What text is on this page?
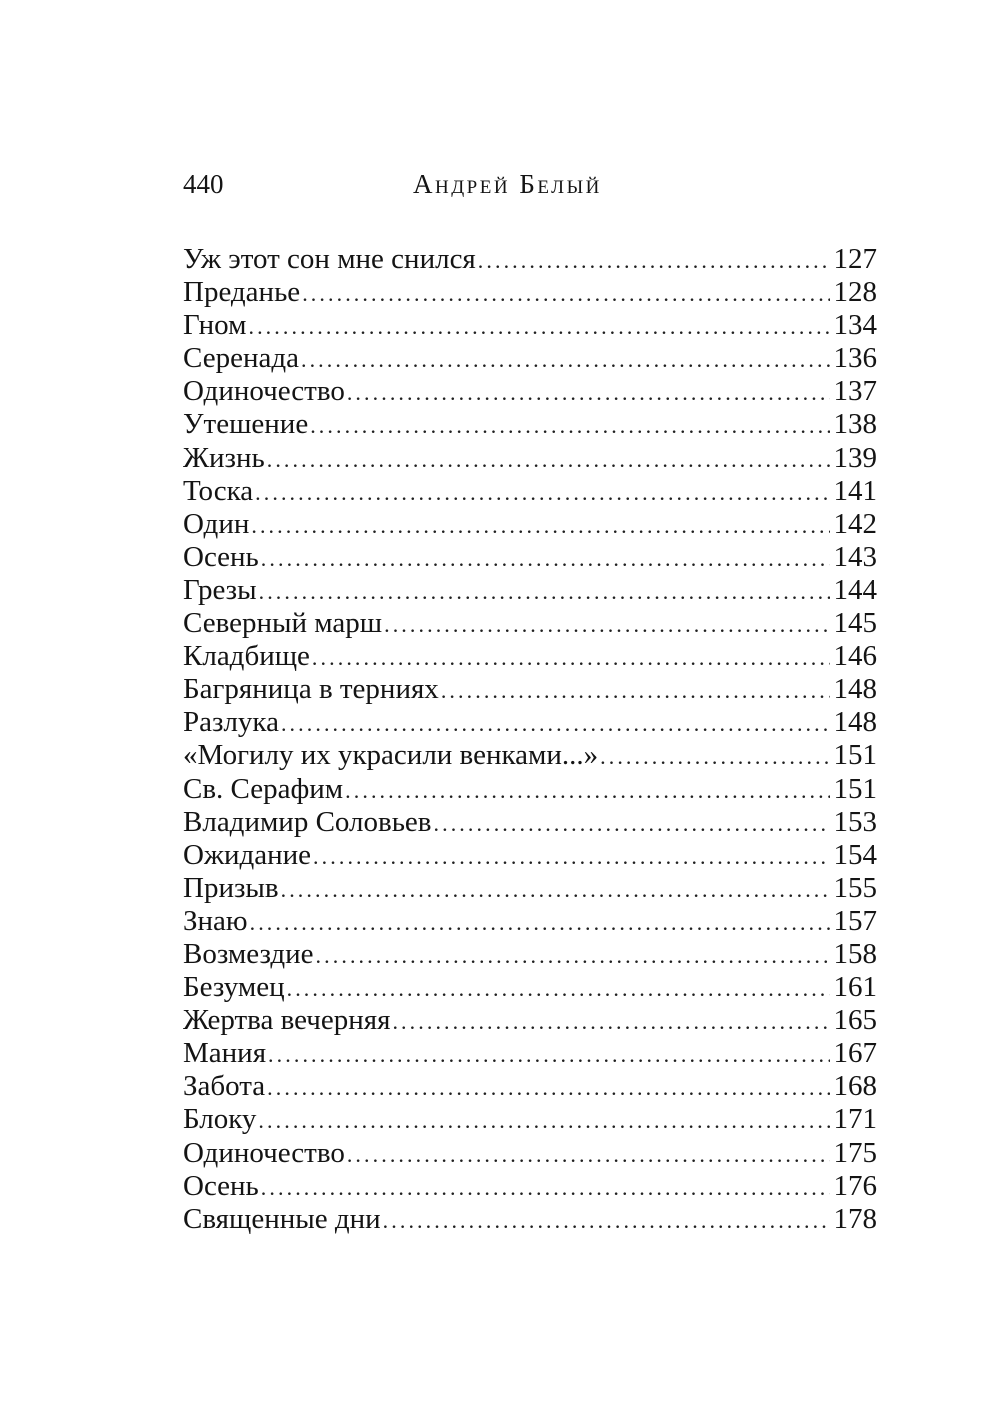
440	Андрей Белый
Уж этот сон мне снился . . .	127
Преданье . . .	128
Гном . . .	134
Серенада . . .	136
Одиночество . . .	137
Утешение . . .	138
Жизнь . . .	139
Тоска . . .	141
Один . . .	142
Осень . . .	143
Грезы . . .	144
Северный марш . . .	145
Кладбище . . .	146
Багряница в терниях . . .	148
Разлука . . .	148
«Могилу их украсили венками...» . . .	151
Св. Серафим . . .	151
Владимир Соловьев . . .	153
Ожидание . . .	154
Призыв . . .	155
Знаю . . .	157
Возмездие . . .	158
Безумец . . .	161
Жертва вечерняя . . .	165
Мания . . .	167
Забота . . .	168
Блоку . . .	171
Одиночество . . .	175
Осень . . .	176
Священные дни . . .	178
